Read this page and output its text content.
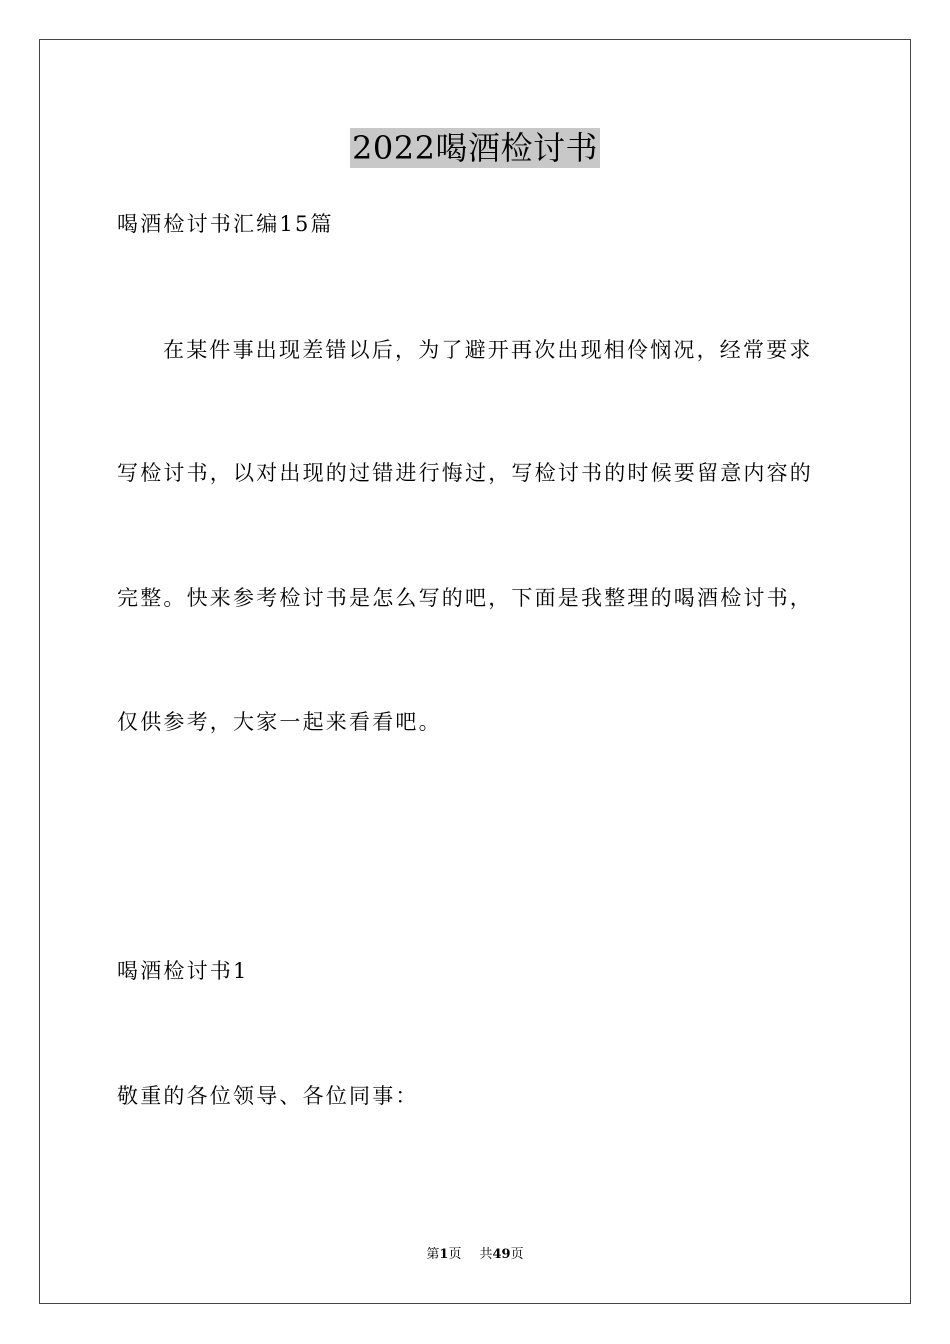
2022喝酒检讨书
喝酒检讨书汇编15篇
在某件事出现差错以后，为了避开再次出现相伶悯况，经常要求
写检讨书，以对出现的过错进行悔过，写检讨书的时候要留意内容的
完整。快来参考检讨书是怎么写的吧，下面是我整理的喝酒检讨书，
仅供参考，大家一起来看看吧。
喝酒检讨书1
敬重的各位领导、各位同事：
第1页 共49页
